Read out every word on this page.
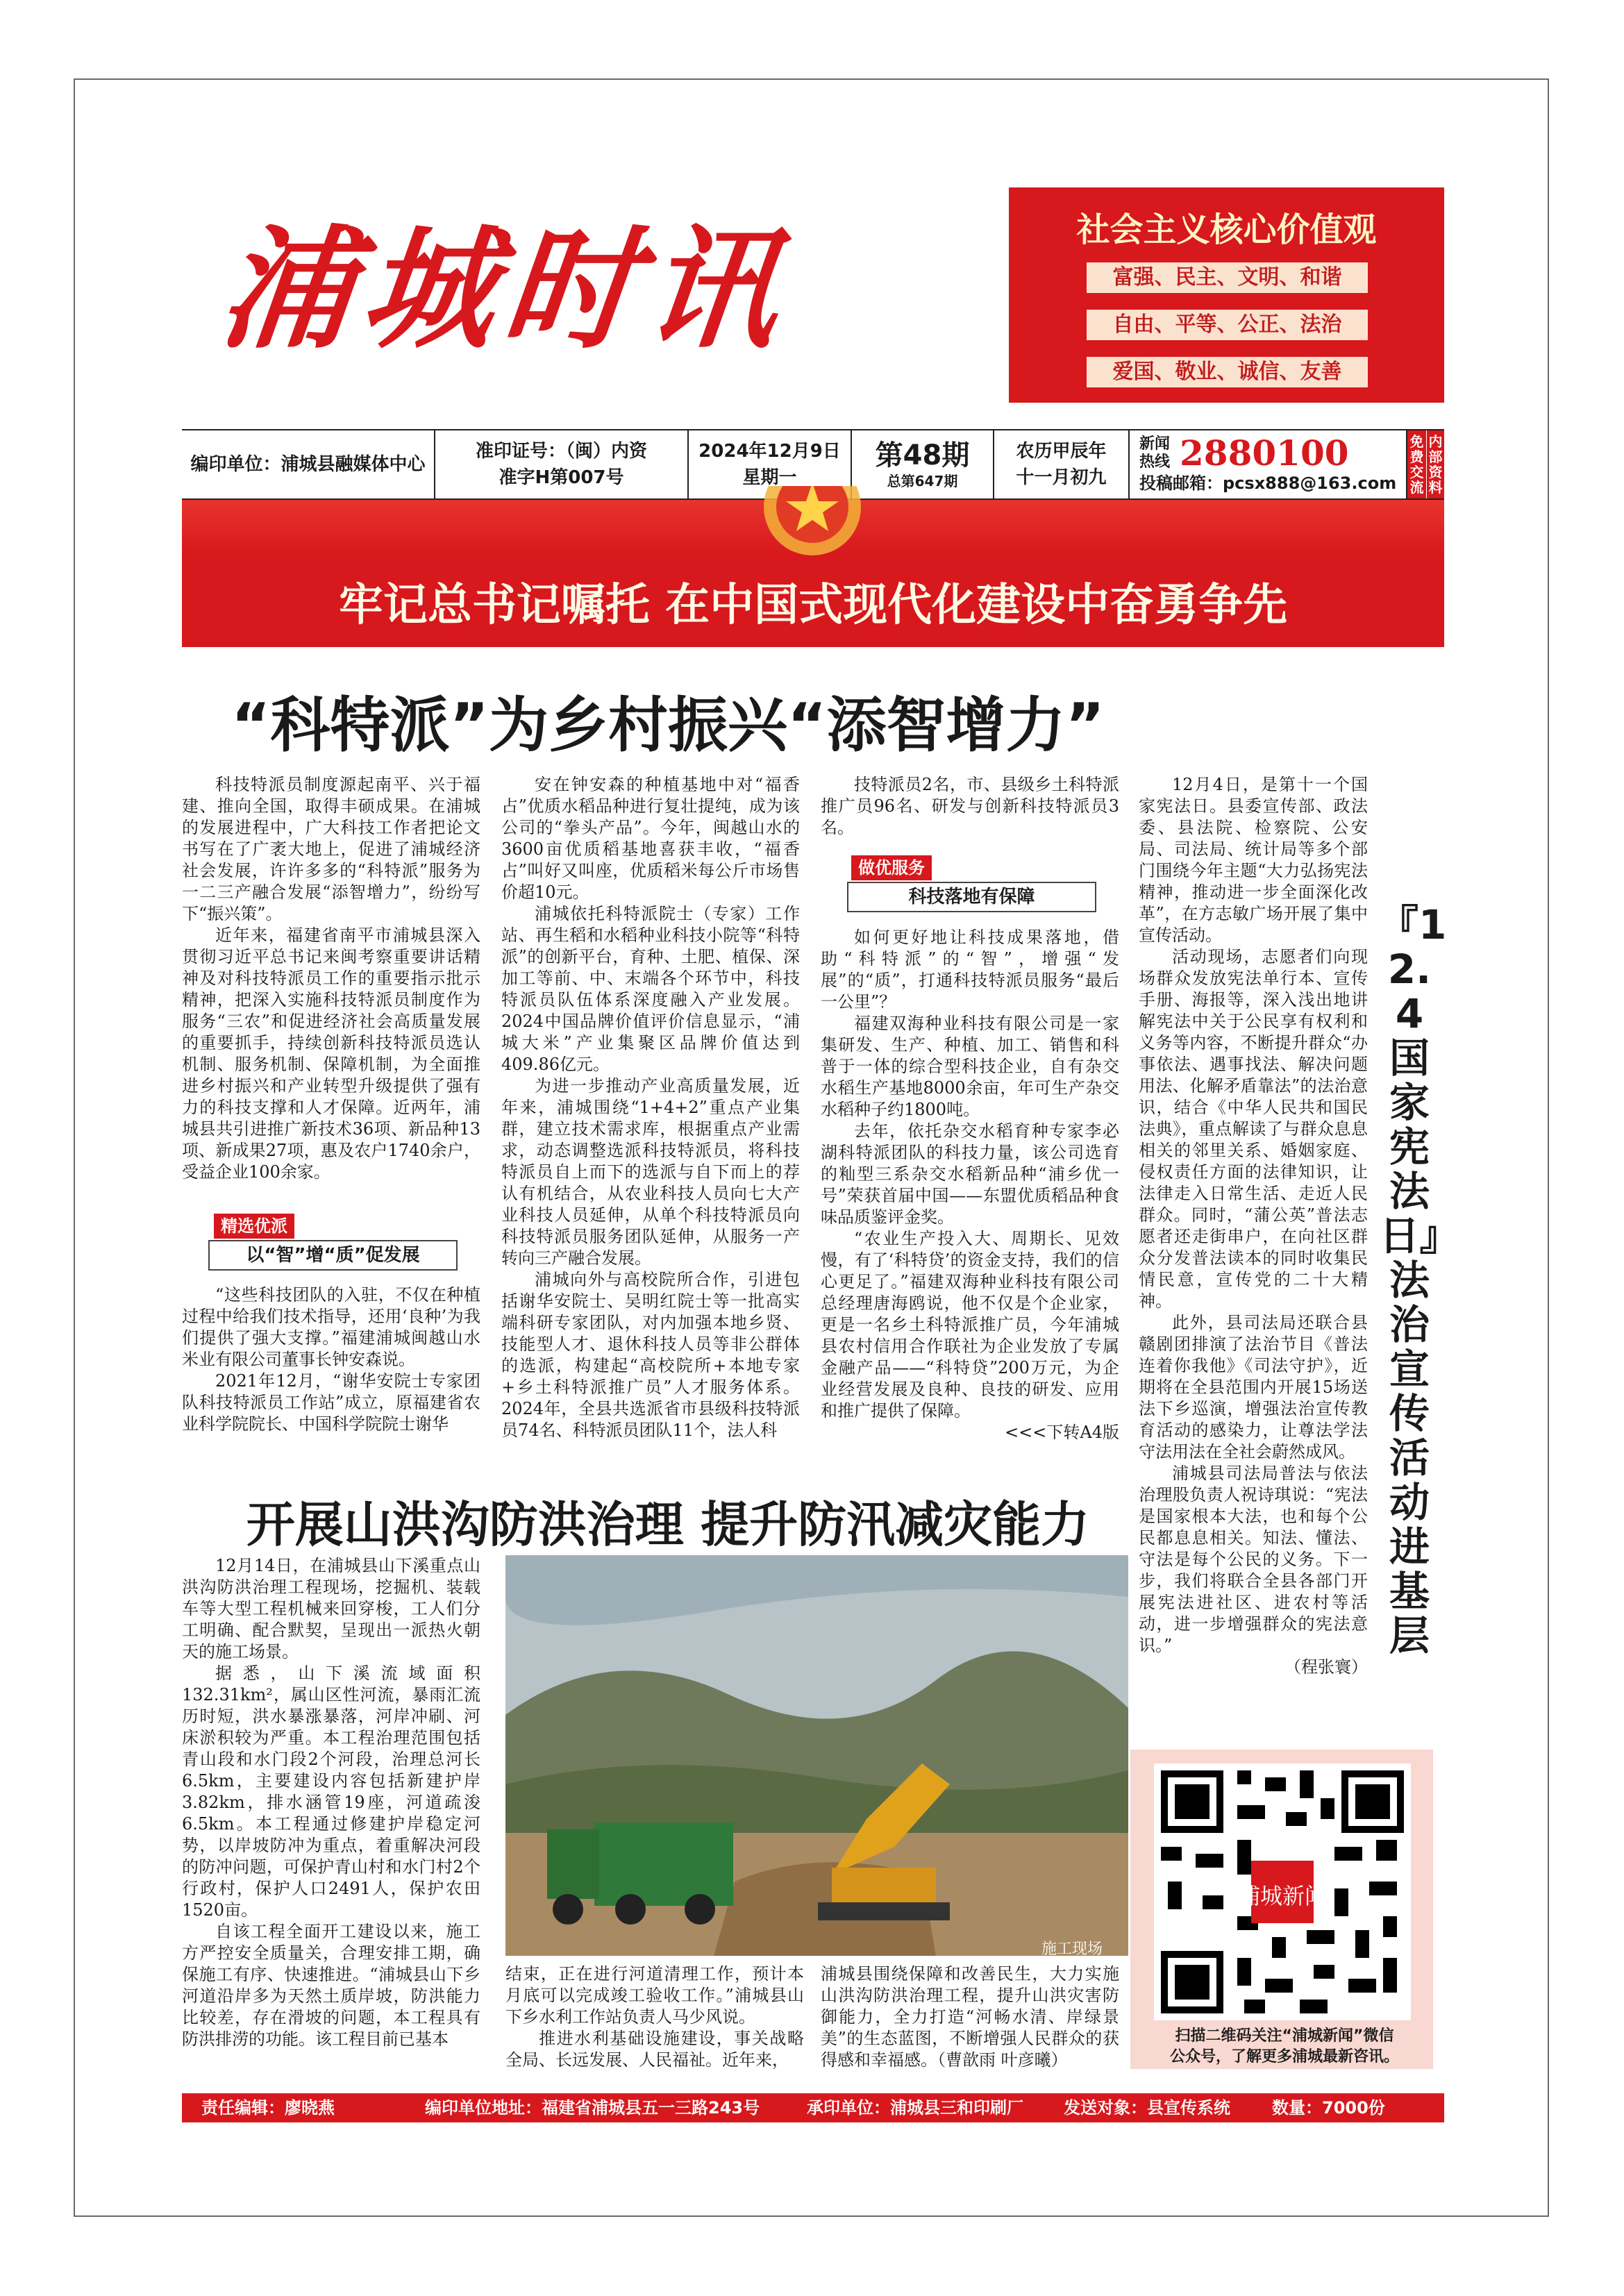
浦城时讯	社会主义核心价值观
富强、民主、文明、和谐
自由、平等、公正、法治
爱国、敬业、诚信、友善
编印单位：浦城县融媒体中心
准印证号：（闽）内资
准字H第007号
2024年12月9日
星期一
第48期
总第647期
农历甲辰年
十一月初九
新闻
热线 2880100
投稿邮箱：pcsx888@163.com
免费交流
内部资料
牢记总书记嘱托 在中国式现代化建设中奋勇争先
“科特派”为乡村振兴“添智增力”

科技特派员制度源起南平、兴于福建、推向全国，取得丰硕成果。在浦城的发展进程中，广大科技工作者把论文书写在了广袤大地上，促进了浦城经济社会发展，许许多多的“科特派”服务为一二三产融合发展“添智增力”，纷纷写下“振兴策”。

近年来，福建省南平市浦城县深入贯彻习近平总书记来闽考察重要讲话精神及对科技特派员工作的重要指示批示精神，把深入实施科技特派员制度作为服务“三农”和促进经济社会高质量发展的重要抓手，持续创新科技特派员选认机制、服务机制、保障机制，为全面推进乡村振兴和产业转型升级提供了强有力的科技支撑和人才保障。近两年，浦城县共引进推广新技术36项、新品种13项、新成果27项，惠及农户1740余户，受益企业100余家。

精选优派
以“智”增“质”促发展

“这些科技团队的入驻，不仅在种植过程中给我们技术指导，还用‘良种’为我们提供了强大支撑。”福建浦城闽越山水米业有限公司董事长钟安森说。

2021年12月，“谢华安院士专家团队科技特派员工作站”成立，原福建省农业科学院院长、中国科学院院士谢华

安在钟安森的种植基地中对“福香占”优质水稻品种进行复壮提纯，成为该公司的“拳头产品”。今年，闽越山水的3600亩优质稻基地喜获丰收，“福香占”叫好又叫座，优质稻米每公斤市场售价超10元。

浦城依托科特派院士（专家）工作站、再生稻和水稻种业科技小院等“科特派”的创新平台，育种、土肥、植保、深加工等前、中、末端各个环节中，科技特派员队伍体系深度融入产业发展。2024中国品牌价值评价信息显示，“浦城大米”产业集聚区品牌价值达到409.86亿元。

为进一步推动产业高质量发展，近年来，浦城围绕“1+4+2”重点产业集群，建立技术需求库，根据重点产业需求，动态调整选派科技特派员，将科技特派员自上而下的选派与自下而上的荐认有机结合，从农业科技人员向七大产业科技人员延伸，从单个科技特派员向科技特派员服务团队延伸，从服务一产转向三产融合发展。

浦城向外与高校院所合作，引进包括谢华安院士、吴明红院士等一批高实端科研专家团队，对内加强本地乡贤、技能型人才、退休科技人员等非公群体的选派，构建起“高校院所+本地专家+乡土科特派推广员”人才服务体系。2024年，全县共选派省市县级科技特派员74名、科特派员团队11个，法人科

技特派员2名，市、县级乡土科特派推广员96名、研发与创新科技特派员3名。

做优服务
科技落地有保障

如何更好地让科技成果落地，借助“科特派”的“智”，增强“发展”的“质”，打通科技特派员服务“最后一公里”？

福建双海种业科技有限公司是一家集研发、生产、种植、加工、销售和科普于一体的综合型科技企业，自有杂交水稻生产基地8000余亩，年可生产杂交水稻种子约1800吨。

去年，依托杂交水稻育种专家李必湖科特派团队的科技力量，该公司选育的籼型三系杂交水稻新品种“浦乡优一号”荣获首届中国——东盟优质稻品种食味品质鉴评金奖。

“农业生产投入大、周期长、见效慢，有了‘科特贷’的资金支持，我们的信心更足了。”福建双海种业科技有限公司总经理唐海鸥说，他不仅是个企业家，更是一名乡土科特派推广员，今年浦城县农村信用合作联社为企业发放了专属金融产品——“科特贷”200万元，为企业经营发展及良种、良技的研发、应用和推广提供了保障。

<<<下转A4版

12月4日，是第十一个国家宪法日。县委宣传部、政法委、县法院、检察院、公安局、司法局、统计局等多个部门围绕今年主题“大力弘扬宪法精神，推动进一步全面深化改革”，在方志敏广场开展了集中宣传活动。

活动现场，志愿者们向现场群众发放宪法单行本、宣传手册、海报等，深入浅出地讲解宪法中关于公民享有权利和义务等内容，不断提升群众“办事依法、遇事找法、解决问题用法、化解矛盾靠法”的法治意识，结合《中华人民共和国民法典》，重点解读了与群众息息相关的邻里关系、婚姻家庭、侵权责任方面的法律知识，让法律走入日常生活、走近人民群众。同时，“蒲公英”普法志愿者还走街串户，在向社区群众分发普法读本的同时收集民情民意，宣传党的二十大精神。

此外，县司法局还联合县赣剧团排演了法治节目《普法连着你我他》《司法守护》，近期将在全县范围内开展15场送法下乡巡演，增强法治宣传教育活动的感染力，让尊法学法守法用法在全社会蔚然成风。

浦城县司法局普法与依法治理股负责人祝诗琪说：“宪法是国家根本大法，也和每个公民都息息相关。知法、懂法、守法是每个公民的义务。下一步，我们将联合全县各部门开展宪法进社区、进农村等活动，进一步增强群众的宪法意识。”

（程张寰）

『12.4国家宪法日』法治宣传活动进基层
开展山洪沟防洪治理 提升防汛减灾能力

12月14日，在浦城县山下溪重点山洪沟防洪治理工程现场，挖掘机、装载车等大型工程机械来回穿梭，工人们分工明确、配合默契，呈现出一派热火朝天的施工场景。

据悉，山下溪流域面积132.31km²，属山区性河流，暴雨汇流历时短，洪水暴涨暴落，河岸冲刷、河床淤积较为严重。本工程治理范围包括青山段和水门段2个河段，治理总河长6.5km，主要建设内容包括新建护岸3.82km，排水涵管19座，河道疏浚6.5km。本工程通过修建护岸稳定河势，以岸坡防冲为重点，着重解决河段的防冲问题，可保护青山村和水门村2个行政村，保护人口2491人，保护农田1520亩。

自该工程全面开工建设以来，施工方严控安全质量关，合理安排工期，确保施工有序、快速推进。“浦城县山下乡河道沿岸多为天然土质岸坡，防洪能力比较差，存在滑坡的问题，本工程具有防洪排涝的功能。该工程目前已基本

施工现场

结束，正在进行河道清理工作，预计本月底可以完成竣工验收工作。”浦城县山下乡水利工作站负责人马少风说。

推进水利基础设施建设，事关战略全局、长远发展、人民福祉。近年来，

浦城县围绕保障和改善民生，大力实施山洪沟防洪治理工程，提升山洪灾害防御能力，全力打造“河畅水清、岸绿景美”的生态蓝图，不断增强人民群众的获得感和幸福感。（曹歆雨 叶彦曦）

浦城新闻
扫描二维码关注“浦城新闻”微信
公众号，了解更多浦城最新咨讯。
责任编辑：廖晓燕	编印单位地址：福建省浦城县五一三路243号	承印单位：浦城县三和印刷厂 发送对象：县宣传系统	数量：7000份
